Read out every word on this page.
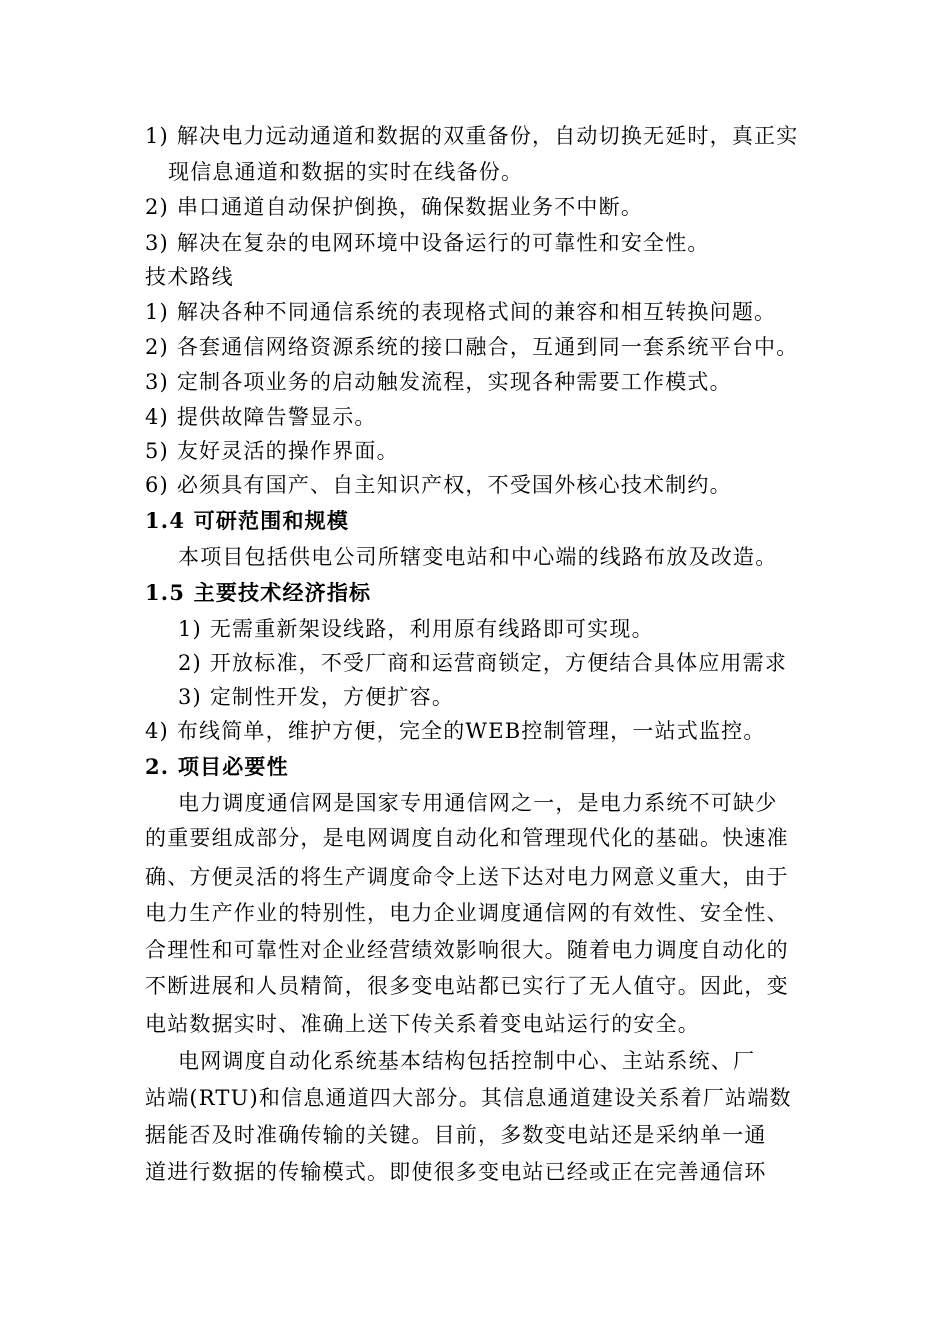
1) 解决电力远动通道和数据的双重备份，自动切换无延时，真正实
现信息通道和数据的实时在线备份。
2) 串口通道自动保护倒换，确保数据业务不中断。
3) 解决在复杂的电网环境中设备运行的可靠性和安全性。
技术路线
1) 解决各种不同通信系统的表现格式间的兼容和相互转换问题。
2) 各套通信网络资源系统的接口融合，互通到同一套系统平台中。
3) 定制各项业务的启动触发流程，实现各种需要工作模式。
4) 提供故障告警显示。
5) 友好灵活的操作界面。
6) 必须具有国产、自主知识产权，不受国外核心技术制约。
1.4 可研范围和规模
本项目包括供电公司所辖变电站和中心端的线路布放及改造。
1.5 主要技术经济指标
1) 无需重新架设线路，利用原有线路即可实现。
2) 开放标准，不受厂商和运营商锁定，方便结合具体应用需求
3) 定制性开发，方便扩容。
4) 布线简单，维护方便，完全的WEB控制管理，一站式监控。
2. 项目必要性
电力调度通信网是国家专用通信网之一，是电力系统不可缺少
的重要组成部分，是电网调度自动化和管理现代化的基础。快速准
确、方便灵活的将生产调度命令上送下达对电力网意义重大，由于
电力生产作业的特别性，电力企业调度通信网的有效性、安全性、
合理性和可靠性对企业经营绩效影响很大。随着电力调度自动化的
不断进展和人员精简，很多变电站都已实行了无人值守。因此，变
电站数据实时、准确上送下传关系着变电站运行的安全。
电网调度自动化系统基本结构包括控制中心、主站系统、厂
站端(RTU)和信息通道四大部分。其信息通道建设关系着厂站端数
据能否及时准确传输的关键。目前，多数变电站还是采纳单一通
道进行数据的传输模式。即使很多变电站已经或正在完善通信环
